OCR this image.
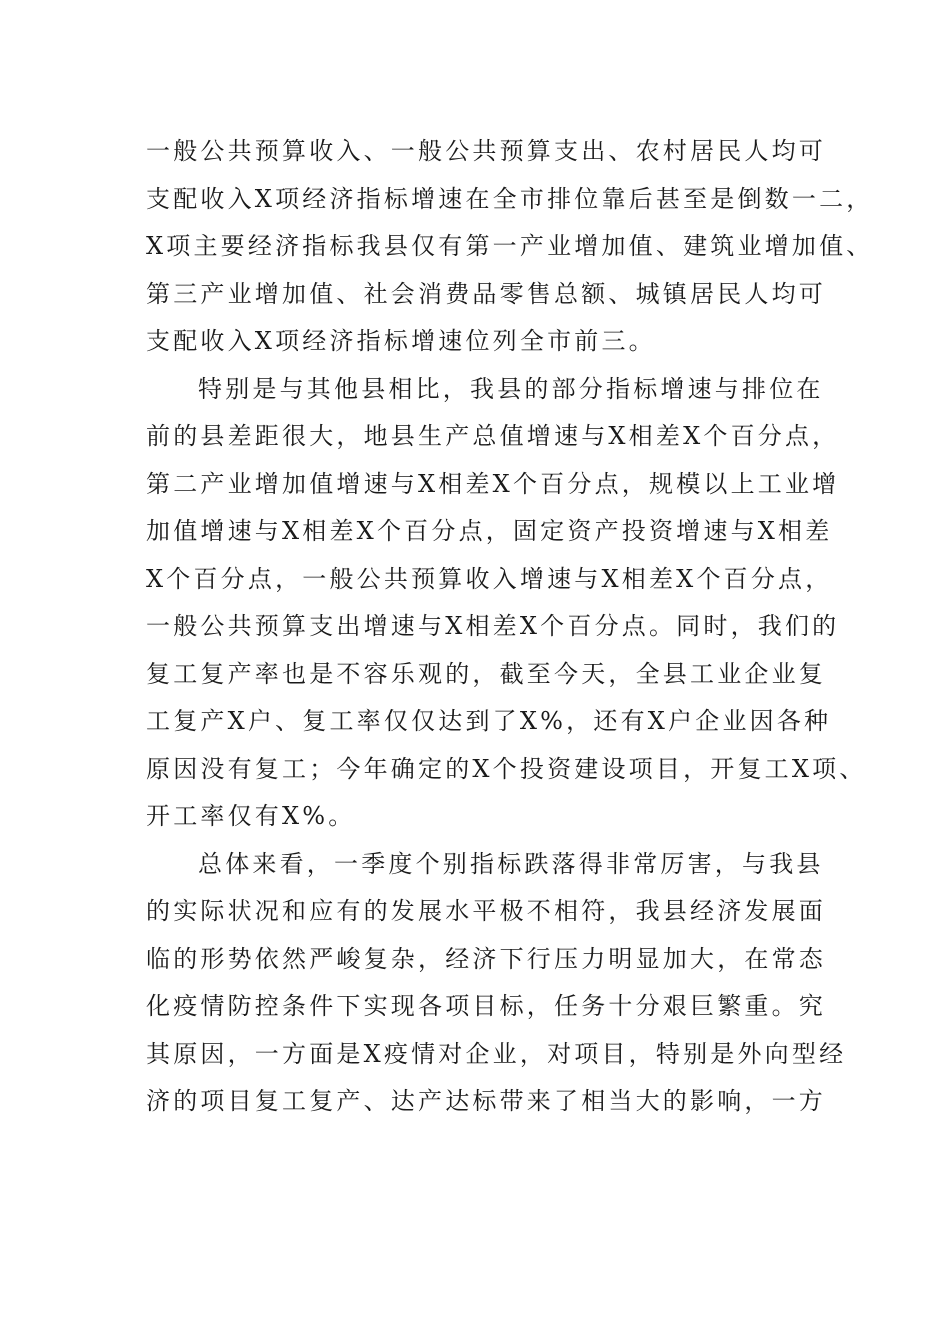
一般公共预算收入、一般公共预算支出、农村居民人均可
支配收入X项经济指标增速在全市排位靠后甚至是倒数一二，
X项主要经济指标我县仅有第一产业增加值、建筑业增加值、
第三产业增加值、社会消费品零售总额、城镇居民人均可
支配收入X项经济指标增速位列全市前三。
特别是与其他县相比，我县的部分指标增速与排位在
前的县差距很大，地县生产总值增速与X相差X个百分点，
第二产业增加值增速与X相差X个百分点，规模以上工业增
加值增速与X相差X个百分点，固定资产投资增速与X相差
X个百分点，一般公共预算收入增速与X相差X个百分点，
一般公共预算支出增速与X相差X个百分点。同时，我们的
复工复产率也是不容乐观的，截至今天，全县工业企业复
工复产X户、复工率仅仅达到了X%，还有X户企业因各种
原因没有复工；今年确定的X个投资建设项目，开复工X项、
开工率仅有X%。
总体来看，一季度个别指标跌落得非常厉害，与我县
的实际状况和应有的发展水平极不相符，我县经济发展面
临的形势依然严峻复杂，经济下行压力明显加大，在常态
化疫情防控条件下实现各项目标，任务十分艰巨繁重。究
其原因，一方面是X疫情对企业，对项目，特别是外向型经
济的项目复工复产、达产达标带来了相当大的影响，一方
